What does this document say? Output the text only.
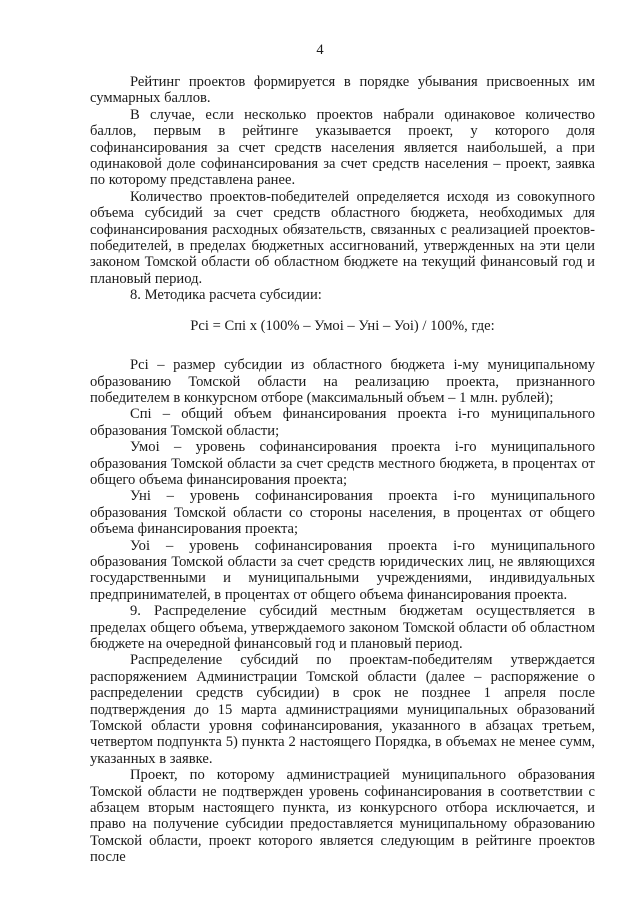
4

Рейтинг проектов формируется в порядке убывания присвоенных им суммарных баллов.

В случае, если несколько проектов набрали одинаковое количество баллов, первым в рейтинге указывается проект, у которого доля софинансирования за счет средств населения является наибольшей, а при одинаковой доле софинансирования за счет средств населения – проект, заявка по которому представлена ранее.

Количество проектов-победителей определяется исходя из совокупного объема субсидий за счет средств областного бюджета, необходимых для софинансирования расходных обязательств, связанных с реализацией проектов-победителей, в пределах бюджетных ассигнований, утвержденных на эти цели законом Томской области об областном бюджете на текущий финансовый год и плановый период.

8. Методика расчета субсидии:

Рсi = Спi x (100% – Умоi – Унi – Уоi) / 100%, где:

Рсi – размер субсидии из областного бюджета i-му муниципальному образованию Томской области на реализацию проекта, признанного победителем в конкурсном отборе (максимальный объем – 1 млн. рублей);

Спi – общий объем финансирования проекта i-го муниципального образования Томской области;

Умоi – уровень софинансирования проекта i-го муниципального образования Томской области за счет средств местного бюджета, в процентах от общего объема финансирования проекта;

Унi – уровень софинансирования проекта i-го муниципального образования Томской области со стороны населения, в процентах от общего объема финансирования проекта;

Уоi – уровень софинансирования проекта i-го муниципального образования Томской области за счет средств юридических лиц, не являющихся государственными и муниципальными учреждениями, индивидуальных предпринимателей, в процентах от общего объема финансирования проекта.

9. Распределение субсидий местным бюджетам осуществляется в пределах общего объема, утверждаемого законом Томской области об областном бюджете на очередной финансовый год и плановый период.

Распределение субсидий по проектам-победителям утверждается распоряжением Администрации Томской области (далее – распоряжение о распределении средств субсидии) в срок не позднее 1 апреля после подтверждения до 15 марта администрациями муниципальных образований Томской области уровня софинансирования, указанного в абзацах третьем, четвертом подпункта 5) пункта 2 настоящего Порядка, в объемах не менее сумм, указанных в заявке.

Проект, по которому администрацией муниципального образования Томской области не подтвержден уровень софинансирования в соответствии с абзацем вторым настоящего пункта, из конкурсного отбора исключается, и право на получение субсидии предоставляется муниципальному образованию Томской области, проект которого является следующим в рейтинге проектов после
